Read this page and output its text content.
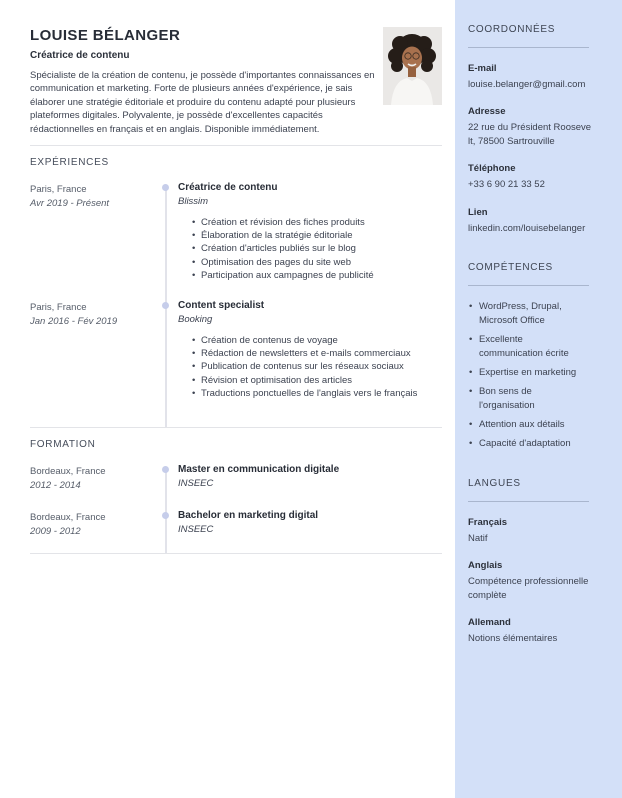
LOUISE BÉLANGER
Créatrice de contenu

Spécialiste de la création de contenu, je possède d'importantes connaissances en communication et marketing. Forte de plusieurs années d'expérience, je sais élaborer une stratégie éditoriale et produire du contenu adapté pour plusieurs plateformes digitales. Polyvalente, je possède d'excellentes capacités rédactionnelles en français et en anglais. Disponible immédiatement.

EXPÉRIENCES
Paris, France
Avr 2019 - Présent
Créatrice de contenu
Blissim
• Création et révision des fiches produits
• Élaboration de la stratégie éditoriale
• Création d'articles publiés sur le blog
• Optimisation des pages du site web
• Participation aux campagnes de publicité
Paris, France
Jan 2016 - Fév 2019
Content specialist
Booking
• Création de contenus de voyage
• Rédaction de newsletters et e-mails commerciaux
• Publication de contenus sur les réseaux sociaux
• Révision et optimisation des articles
• Traductions ponctuelles de l'anglais vers le français
FORMATION
Bordeaux, France
2012 - 2014
Master en communication digitale
INSEEC
Bordeaux, France
2009 - 2012
Bachelor en marketing digital
INSEEC
COORDONNÉES
E-mail
louise.belanger@gmail.com
Adresse
22 rue du Président Rooseve
lt, 78500 Sartrouville
Téléphone
+33 6 90 21 33 52
Lien
linkedin.com/louisebelanger
COMPÉTENCES
• WordPress, Drupal, Microsoft Office
• Excellente communication écrite
• Expertise en marketing
• Bon sens de l'organisation
• Attention aux détails
• Capacité d'adaptation
LANGUES
Français
Natif
Anglais
Compétence professionnelle complète
Allemand
Notions élémentaires
